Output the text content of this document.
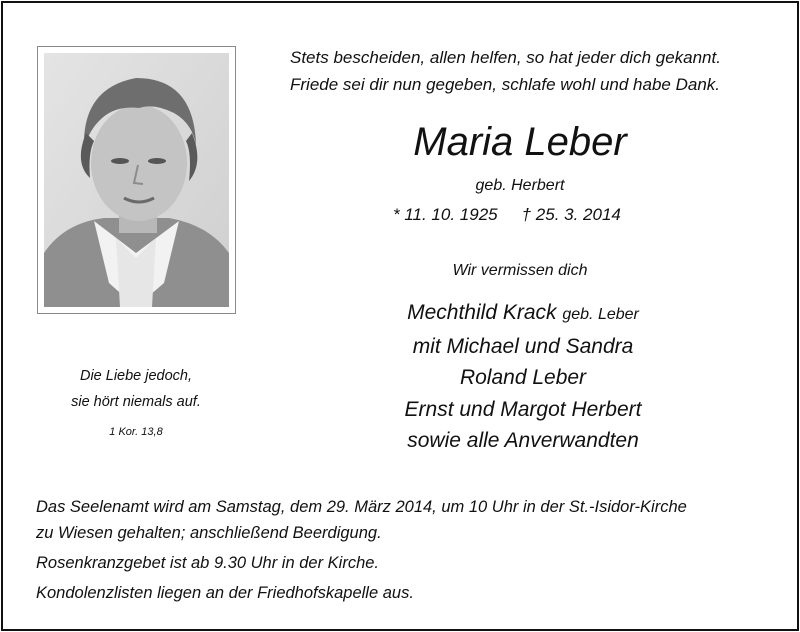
Stets bescheiden, allen helfen, so hat jeder dich gekannt.
Friede sei dir nun gegeben, schlafe wohl und habe Dank.
Maria Leber
geb. Herbert
* 11. 10. 1925 † 25. 3. 2014
Wir vermissen dich
Mechthild Krack geb. Leber
mit Michael und Sandra
Roland Leber
Ernst und Margot Herbert
sowie alle Anverwandten
Die Liebe jedoch,
sie hört niemals auf.
1 Kor. 13,8
Das Seelenamt wird am Samstag, dem 29. März 2014, um 10 Uhr in der St.-Isidor-Kirche
zu Wiesen gehalten; anschließend Beerdigung.
Rosenkranzgebet ist ab 9.30 Uhr in der Kirche.
Kondolenzlisten liegen an der Friedhofskapelle aus.
